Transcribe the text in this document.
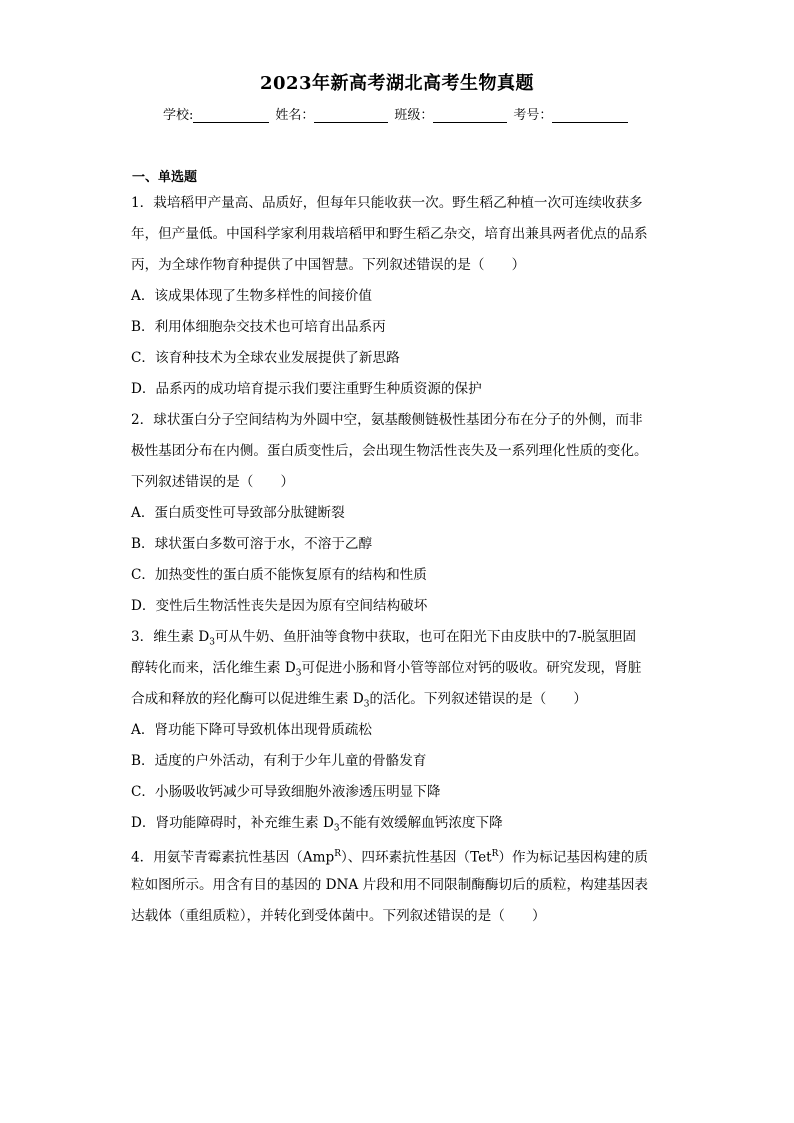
2023年新高考湖北高考生物真题
学校:	姓名：	班级：	考号：
一、单选题
1．栽培稻甲产量高、品质好，但每年只能收获一次。野生稻乙种植一次可连续收获多
年，但产量低。中国科学家利用栽培稻甲和野生稻乙杂交，培育出兼具两者优点的品系
丙，为全球作物育种提供了中国智慧。下列叙述错误的是（　　）
A．该成果体现了生物多样性的间接价值
B．利用体细胞杂交技术也可培育出品系丙
C．该育种技术为全球农业发展提供了新思路
D．品系丙的成功培育提示我们要注重野生种质资源的保护
2．球状蛋白分子空间结构为外圆中空，氨基酸侧链极性基团分布在分子的外侧，而非
极性基团分布在内侧。蛋白质变性后，会出现生物活性丧失及一系列理化性质的变化。
下列叙述错误的是（　　）
A．蛋白质变性可导致部分肽键断裂
B．球状蛋白多数可溶于水，不溶于乙醇
C．加热变性的蛋白质不能恢复原有的结构和性质
D．变性后生物活性丧失是因为原有空间结构破坏
3．维生素 $D_3$可从牛奶、鱼肝油等食物中获取，也可在阳光下由皮肤中的7-脱氢胆固
醇转化而来，活化维生素 $D_3$可促进小肠和肾小管等部位对钙的吸收。研究发现，肾脏
合成和释放的羟化酶可以促进维生素 $D_3$的活化。下列叙述错误的是（　　）
A．肾功能下降可导致机体出现骨质疏松
B．适度的户外活动，有利于少年儿童的骨骼发育
C．小肠吸收钙减少可导致细胞外液渗透压明显下降
D．肾功能障碍时，补充维生素 $D_3$不能有效缓解血钙浓度下降
4．用氨苄青霉素抗性基因（Amp$^R$）、四环素抗性基因（Tet$^R$）作为标记基因构建的质
粒如图所示。用含有目的基因的 DNA 片段和用不同限制酶酶切后的质粒，构建基因表
达载体（重组质粒），并转化到受体菌中。下列叙述错误的是（　　）
